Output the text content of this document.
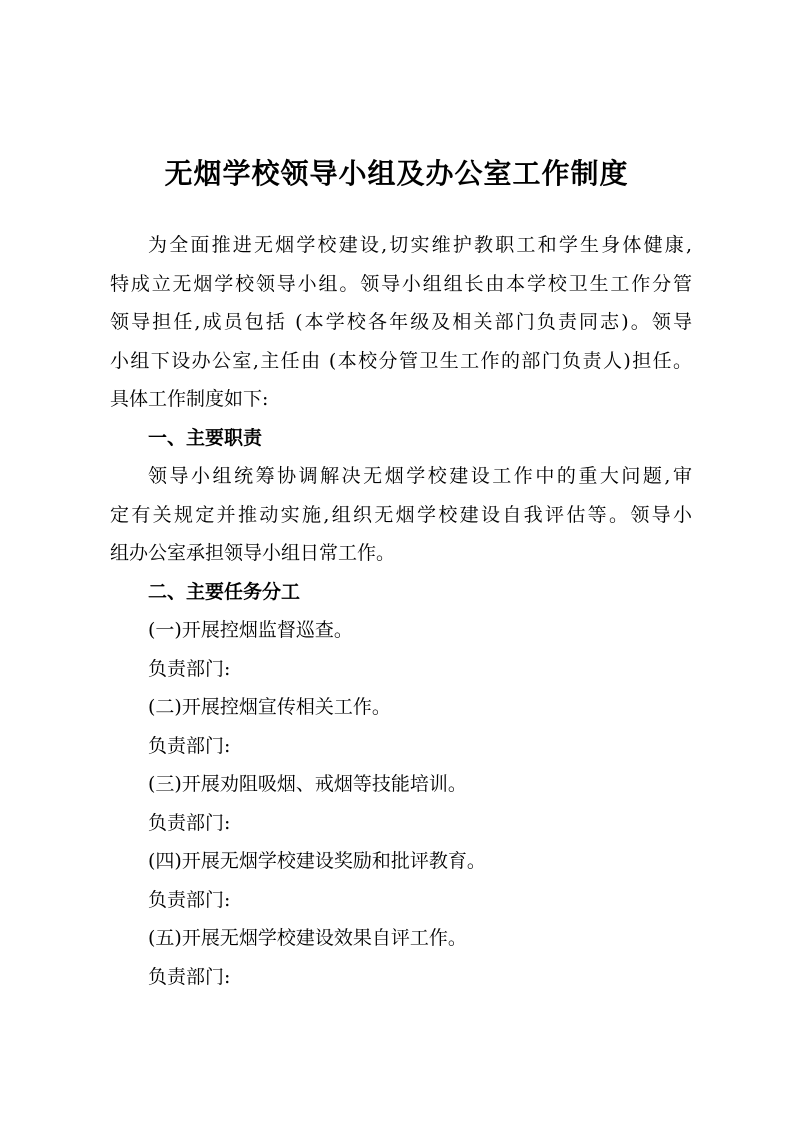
无烟学校领导小组及办公室工作制度
为全面推进无烟学校建设,切实维护教职工和学生身体健康,
特成立无烟学校领导小组。领导小组组长由本学校卫生工作分管
领导担任,成员包括 (本学校各年级及相关部门负责同志)。领导
小组下设办公室,主任由 (本校分管卫生工作的部门负责人)担任。
具体工作制度如下:
一、主要职责
领导小组统筹协调解决无烟学校建设工作中的重大问题,审
定有关规定并推动实施,组织无烟学校建设自我评估等。领导小
组办公室承担领导小组日常工作。
二、主要任务分工
(一)开展控烟监督巡查。
负责部门:
(二)开展控烟宣传相关工作。
负责部门:
(三)开展劝阻吸烟、戒烟等技能培训。
负责部门:
(四)开展无烟学校建设奖励和批评教育。
负责部门:
(五)开展无烟学校建设效果自评工作。
负责部门:
